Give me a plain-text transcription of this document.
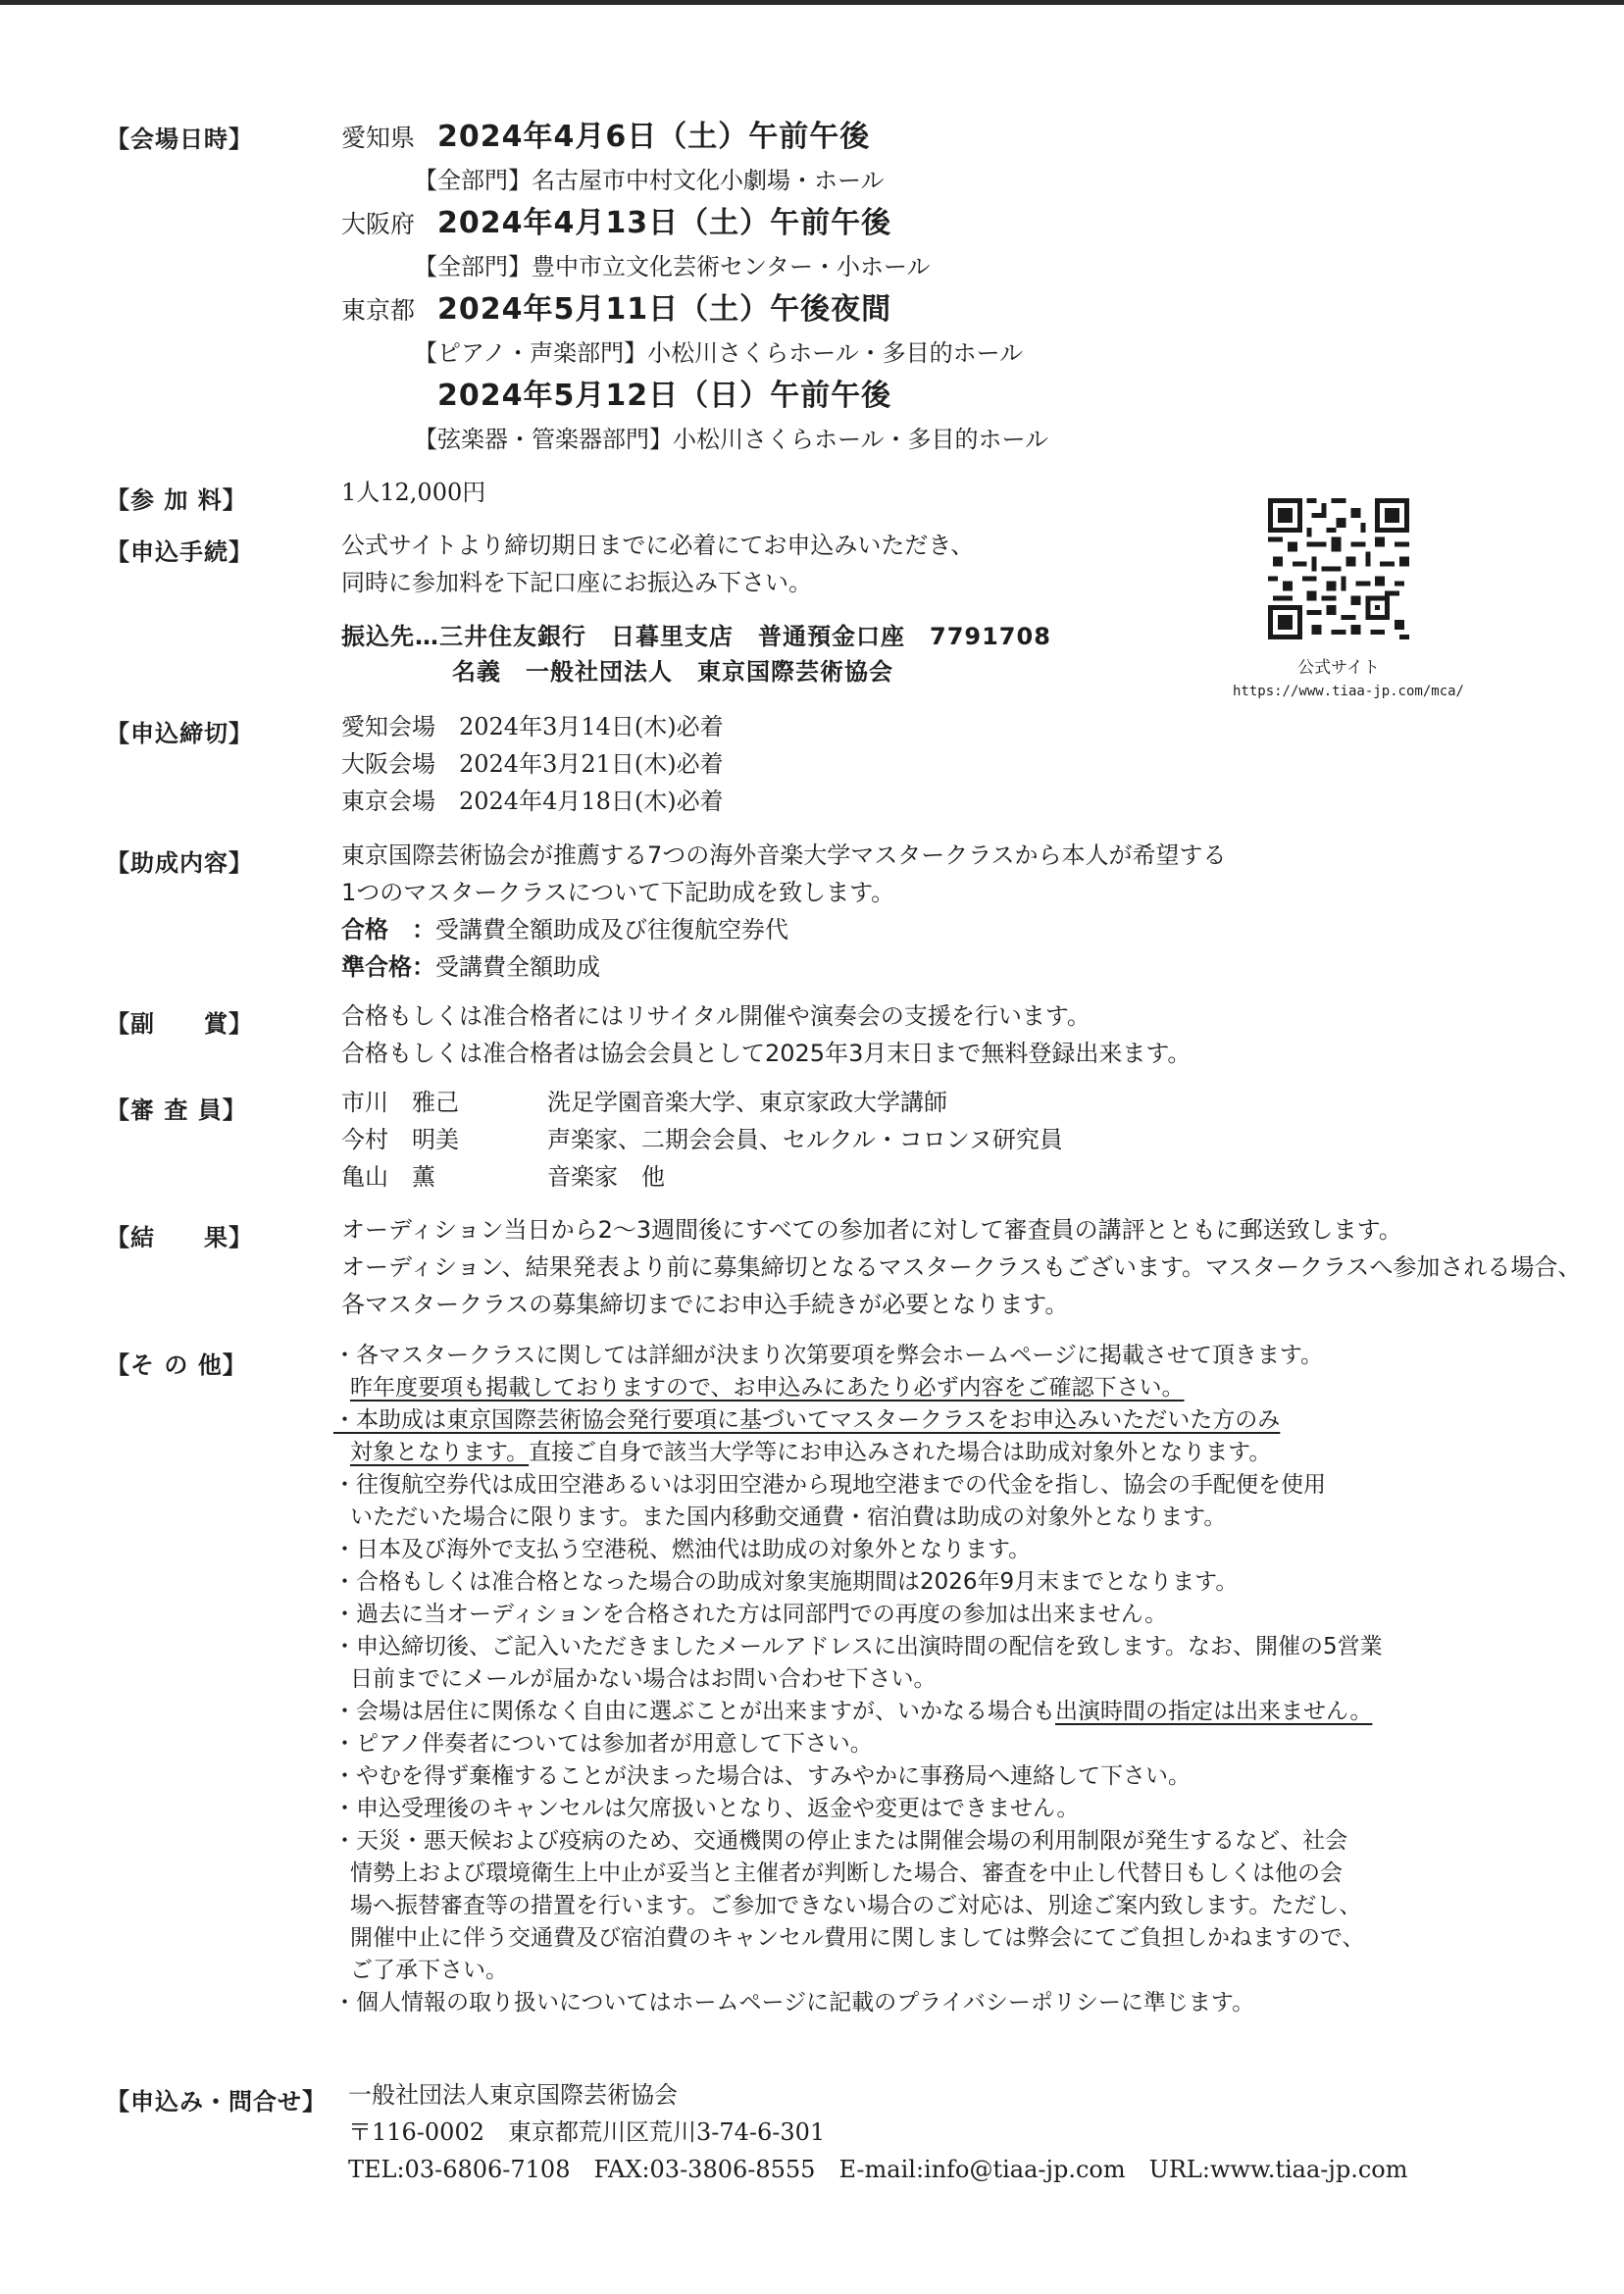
【会場日時】	愛知県 2024年4月6日（土）午前午後
【全部門】名古屋市中村文化小劇場・ホール
大阪府 2024年4月13日（土）午前午後
【全部門】豊中市立文化芸術センター・小ホール
東京都 2024年5月11日（土）午後夜間
【ピアノ・声楽部門】小松川さくらホール・多目的ホール
2024年5月12日（日）午前午後
【弦楽器・管楽器部門】小松川さくらホール・多目的ホール
【参 加 料】	1人12,000円
【申込手続】	公式サイトより締切期日までに必着にてお申込みいただき、
同時に参加料を下記口座にお振込み下さい。
振込先…三井住友銀行　日暮里支店　普通預金口座　7791708
名義　一般社団法人　東京国際芸術協会	公式サイト
https://www.tiaa-jp.com/mca/
【申込締切】	愛知会場　2024年3月14日(木)必着
大阪会場　2024年3月21日(木)必着
東京会場　2024年4月18日(木)必着
【助成内容】	東京国際芸術協会が推薦する7つの海外音楽大学マスタークラスから本人が希望する
1つのマスタークラスについて下記助成を致します。
合格　：受講費全額助成及び往復航空券代
準合格：受講費全額助成
【副　　賞】	合格もしくは准合格者にはリサイタル開催や演奏会の支援を行います。
合格もしくは准合格者は協会会員として2025年3月末日まで無料登録出来ます。
【審 査 員】	市川　雅己	洗足学園音楽大学、東京家政大学講師
今村　明美	声楽家、二期会会員、セルクル・コロンヌ研究員
亀山　薫	音楽家　他
【結　　果】	オーディション当日から2〜3週間後にすべての参加者に対して審査員の講評とともに郵送致します。
オーディション、結果発表より前に募集締切となるマスタークラスもございます。マスタークラスへ参加される場合、
各マスタークラスの募集締切までにお申込手続きが必要となります。
【そ の 他】	・各マスタークラスに関しては詳細が決まり次第要項を弊会ホームページに掲載させて頂きます。
昨年度要項も掲載しておりますので、お申込みにあたり必ず内容をご確認下さい。
・本助成は東京国際芸術協会発行要項に基づいてマスタークラスをお申込みいただいた方のみ
対象となります。直接ご自身で該当大学等にお申込みされた場合は助成対象外となります。
・往復航空券代は成田空港あるいは羽田空港から現地空港までの代金を指し、協会の手配便を使用
いただいた場合に限ります。また国内移動交通費・宿泊費は助成の対象外となります。
・日本及び海外で支払う空港税、燃油代は助成の対象外となります。
・合格もしくは准合格となった場合の助成対象実施期間は2026年9月末までとなります。
・過去に当オーディションを合格された方は同部門での再度の参加は出来ません。
・申込締切後、ご記入いただきましたメールアドレスに出演時間の配信を致します。なお、開催の5営業
日前までにメールが届かない場合はお問い合わせ下さい。
・会場は居住に関係なく自由に選ぶことが出来ますが、いかなる場合も出演時間の指定は出来ません。
・ピアノ伴奏者については参加者が用意して下さい。
・やむを得ず棄権することが決まった場合は、すみやかに事務局へ連絡して下さい。
・申込受理後のキャンセルは欠席扱いとなり、返金や変更はできません。
・天災・悪天候および疫病のため、交通機関の停止または開催会場の利用制限が発生するなど、社会
情勢上および環境衛生上中止が妥当と主催者が判断した場合、審査を中止し代替日もしくは他の会
場へ振替審査等の措置を行います。ご参加できない場合のご対応は、別途ご案内致します。ただし、
開催中止に伴う交通費及び宿泊費のキャンセル費用に関しましては弊会にてご負担しかねますので、
ご了承下さい。
・個人情報の取り扱いについてはホームページに記載のプライバシーポリシーに準じます。
【申込み・問合せ】 一般社団法人東京国際芸術協会
〒116-0002　東京都荒川区荒川3-74-6-301
TEL:03-6806-7108　FAX:03-3806-8555　E-mail:info@tiaa-jp.com　URL:www.tiaa-jp.com
